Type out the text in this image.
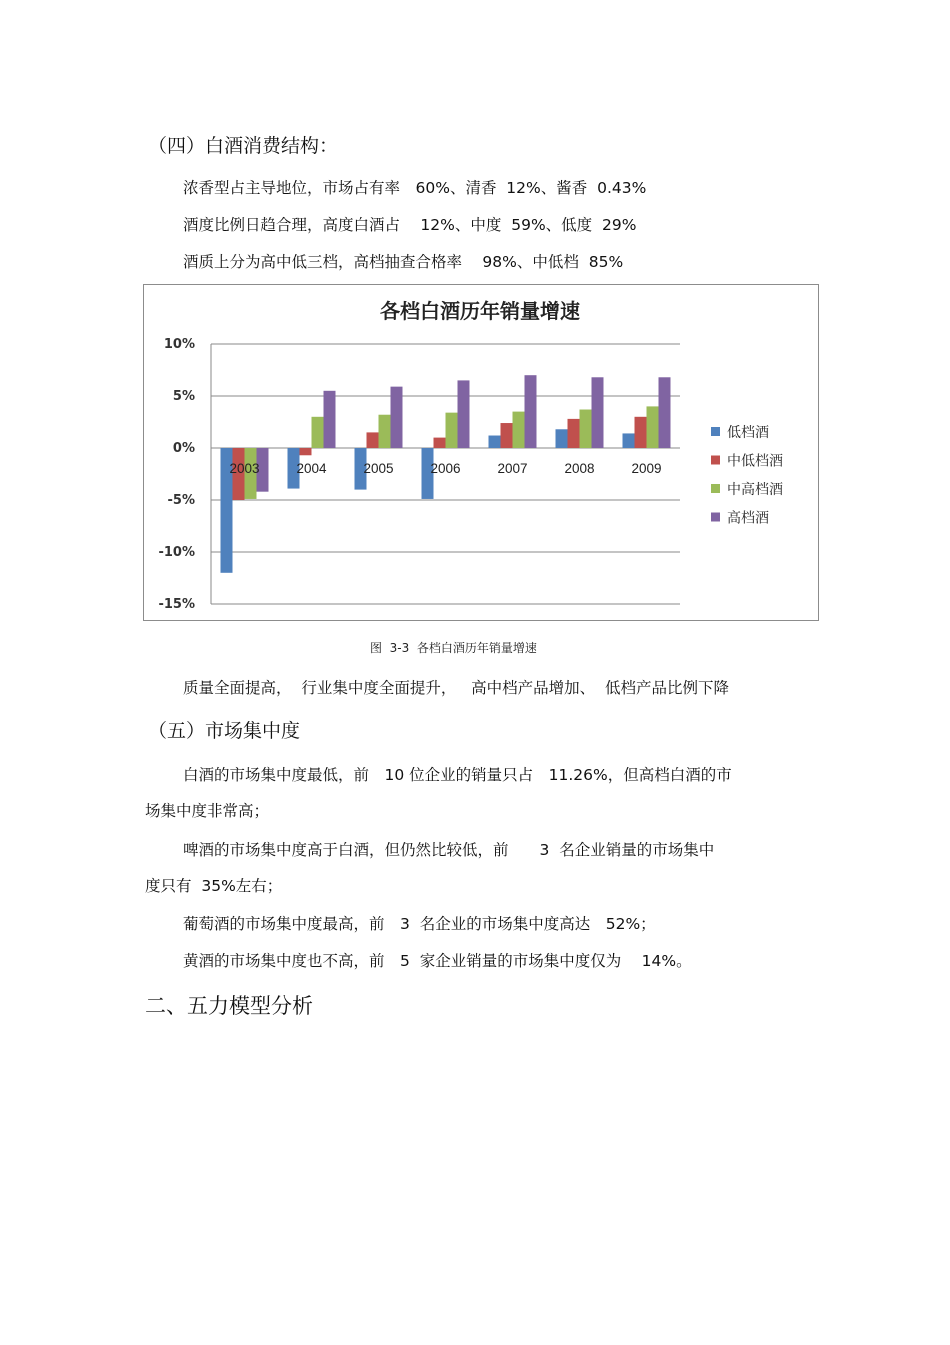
（四）白酒消费结构：
浓香型占主导地位，市场占有率　60%、清香  12%、酱香  0.43%
酒度比例日趋合理，高度白酒占　 12%、中度  59%、低度  29%
酒质上分为高中低三档，高档抽查合格率　 98%、中低档  85%
各档白酒历年销量增速
10%
5%
0%
-5%
-10%
-15%
2003	2004	2005	2006	2007	2008	2009
低档酒
中低档酒
中高档酒
高档酒
图  3-3  各档白酒历年销量增速
质量全面提高，  行业集中度全面提升，   高中档产品增加、  低档产品比例下降
（五）市场集中度
白酒的市场集中度最低，前　10 位企业的销量只占　11.26%，但高档白酒的市
场集中度非常高；
啤酒的市场集中度高于白酒，但仍然比较低，前　　3  名企业销量的市场集中
度只有  35%左右；
葡萄酒的市场集中度最高，前　3  名企业的市场集中度高达　52%；
黄酒的市场集中度也不高，前　5  家企业销量的市场集中度仅为　 14%。
二、五力模型分析
